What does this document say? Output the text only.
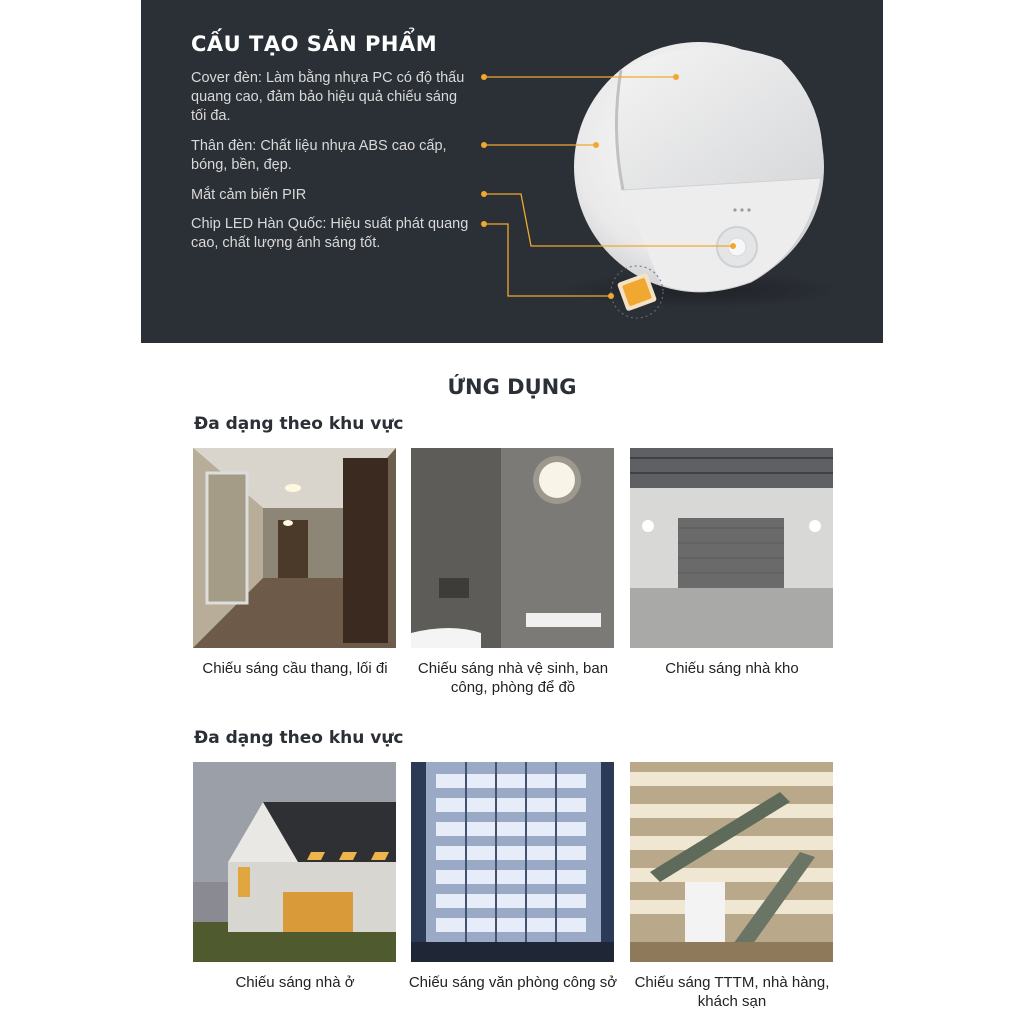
CẤU TẠO SẢN PHẨM
Cover đèn: Làm bằng nhựa PC có độ thấu quang cao, đảm bảo hiệu quả chiếu sáng tối đa.
Thân đèn: Chất liệu nhựa ABS cao cấp, bóng, bền, đẹp.
Mắt cảm biến PIR
Chip LED Hàn Quốc: Hiệu suất phát quang cao, chất lượng ánh sáng tốt.
ỨNG DỤNG
Đa dạng theo khu vực
Chiếu sáng cầu thang, lối đi	Chiếu sáng nhà vệ sinh, ban công, phòng để đồ
Chiếu sáng nhà kho
Đa dạng theo khu vực
Chiếu sáng nhà ở	Chiếu sáng văn phòng công sở	Chiếu sáng TTTM, nhà hàng, khách sạn
